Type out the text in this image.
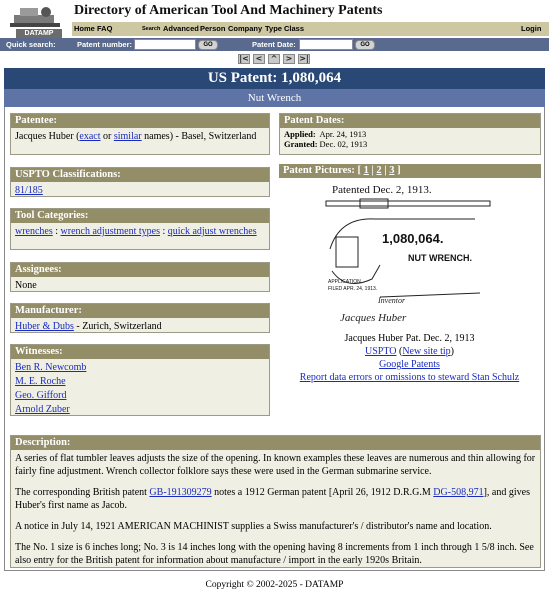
DATAMP
Directory of American Tool And Machinery Patents
Home FAQ	Search Advanced Person Company Type Class	Login
Quick search:	Patent number:	GO	Patent Date:	GO
|< <	^	> >|
US Patent: 1,080,064
Nut Wrench
Patentee:
Jacques Huber (exact or similar names) - Basel, Switzerland
USPTO Classifications:
81/185
Tool Categories:
wrenches : wrench adjustment types : quick adjust wrenches
Assignees:
None
Manufacturer:
Huber & Dubs - Zurich, Switzerland
Witnesses:
Ben R. Newcomb
M. E. Roche
Geo. Gifford
Arnold Zuber
Patent Dates:
Applied:	Apr. 24, 1913
Granted:	Dec. 02, 1913
Patent Pictures: [ 1 | 2 | 3 ]
Patented Dec. 2, 1913.
1,080,064.
NUT WRENCH.
APPLICATION
FILED APR. 24, 1913.
Inventor
Jacques Huber
Jacques Huber Pat. Dec. 2, 1913
USPTO (New site tip)
Google Patents
Report data errors or omissions to steward Stan Schulz
Description:

A series of flat tumbler leaves adjusts the size of the opening. In known examples these leaves are numerous and thin allowing for fairly fine adjustment. Wrench collector folklore says these were used in the German submarine service.

The corresponding British patent GB-191309279 notes a 1912 German patent [April 26, 1912 D.R.G.M DG-508,971], and gives Huber's first name as Jacob.

A notice in July 14, 1921 AMERICAN MACHINIST supplies a Swiss manufacturer's / distributor's name and location.

The No. 1 size is 6 inches long; No. 3 is 14 inches long with the opening having 8 increments from 1 inch through 1 5/8 inch. See also entry for the British patent for information about manufacture / import in the early 1920s Britain.

Copyright © 2002-2025 - DATAMP
